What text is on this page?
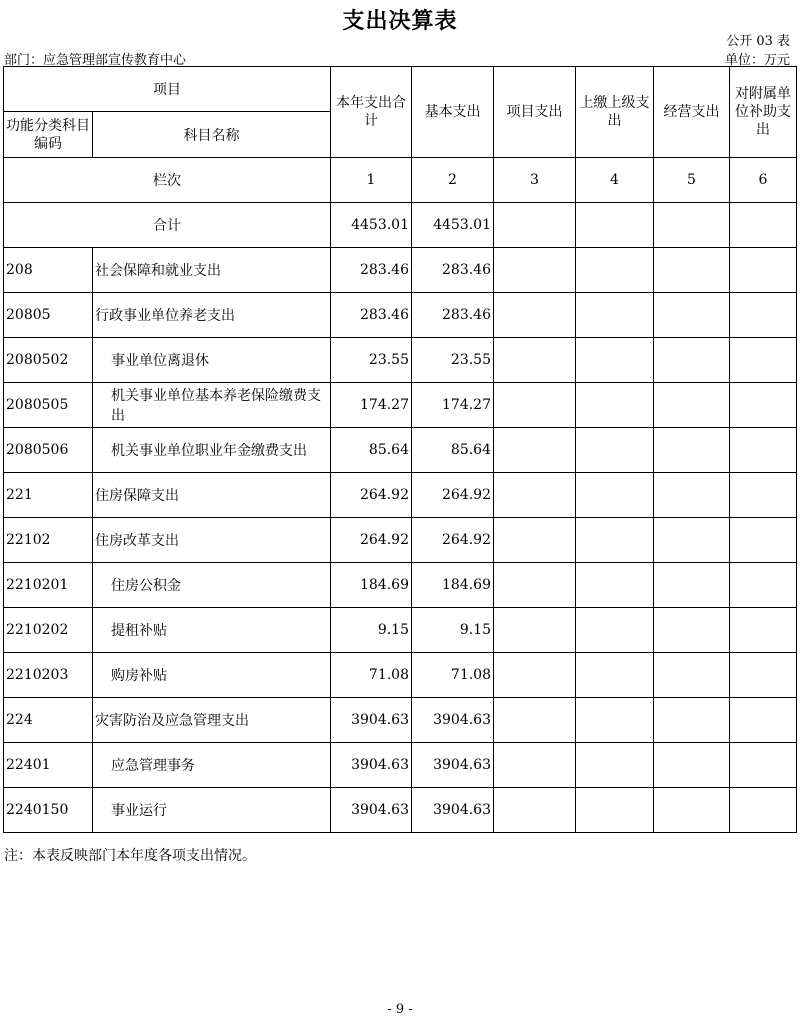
支出决算表
公开 03 表
部门：应急管理部宣传教育中心	单位：万元
项目		本年支出合计	基本支出	项目支出	上缴上级支出	经营支出	对附属单位补助支出
功能分类科目编码	科目名称						
栏次		1	2	3	4	5	6
合计		4453.01	4453.01				
208	社会保障和就业支出	283.46	283.46				
20805	行政事业单位养老支出	283.46	283.46				
2080502	事业单位离退休	23.55	23.55				
2080505	机关事业单位基本养老保险缴费支出	174.27	174.27				
2080506	机关事业单位职业年金缴费支出	85.64	85.64				
221	住房保障支出	264.92	264.92				
22102	住房改革支出	264.92	264.92				
2210201	住房公积金	184.69	184.69				
2210202	提租补贴	9.15	9.15				
2210203	购房补贴	71.08	71.08				
224	灾害防治及应急管理支出	3904.63	3904.63				
22401	应急管理事务	3904.63	3904.63				
2240150	事业运行	3904.63	3904.63				
注：本表反映部门本年度各项支出情况。
- 9 -
